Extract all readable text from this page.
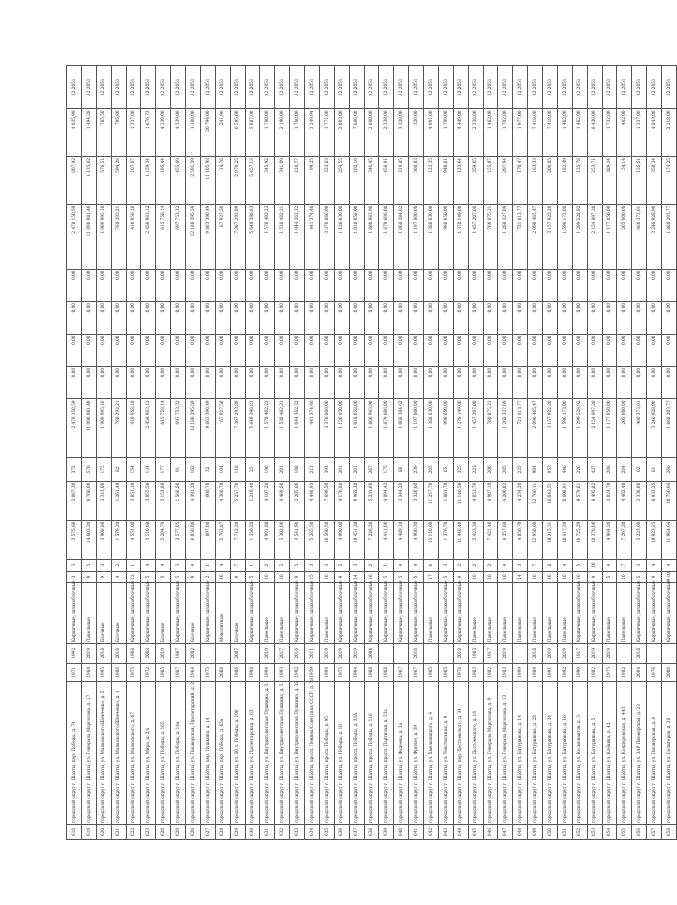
618	городской округ г. Шахты, пер. Победы, д. 74	1971	1992	Кирпичные, шлакоблочные	3	3	3 575,60	3 067,30	372	2 478 150,59	0,00	0,00	0,00	0,00	2 478 150,59	807,92	4 035,99	12.2051
619	городской округ г. Шахты, ул. Генерала Маргелова, д. 17	1984	2019	Панельные	9	5	14 603,20	9 766,00	578	11 090 981,40	0,00	0,00	0,00	0,00	11 090 981,40	1 135,62	1 494,28	12.2051
620	городской округ г. Шахты, ул. Маяковского/Шевченко, д. 5	1995	2018	Блочные	9	3	3 908,80	3 313,00	175	1 909 995,10	0,00	0,00	0,00	0,00	1 909 995,10	576,51	785,50	12.2051
621	городской округ г. Шахты, ул. Маяковского/Шевченко, д. 1	1986	2018	Блочные	4	2	1 579,20	1 261,40	82	768 292,21	0,00	0,00	0,00	0,00	768 292,21	594,28	795,80	12.2051
622	городской округ г. Шахты, ул. Маяковского, д. 67	1975	1988	Кирпичные, шлакоблочные	12	1	4 551,00	3 853,10	154	410 958,18	0,00	0,00	0,00	0,00	410 958,18	107,87	1 337,00	12.2051
623	городской округ г. Шахты, ул. Мира, д. 2/а	1972	2008	Кирпичные, шлакоблочные	5	4	3 510,00	3 055,50	134	2 458 983,12	0,00	0,00	0,00	0,00	2 458 983,12	1 159,34	1 676,73	12.2051
628	городской округ г. Шахты, ул. Победы, д. 165	1965	2019	Блочные	5	4	5 294,70	3 153,80	177	615 758,14	0,00	0,00	0,00	0,00	615 758,14	195,44	4 339,00	12.2051
629	городской округ г. Шахты, ул. Победы, д. 14а	1987	1987	Кирпичные, шлакоблочные	5	3	2 577,05	1 566,50	91	697 753,32	0,00	0,00	0,00	0,00	697 753,32	455,69	4 339,00	12.2051
626	городской округ г. Шахты, ул. Пионерская, Пролетарский, д. 2	1964	2002	Блочные	9	4	6 050,00	4 391,30	162	12 186 295,59	0,00	0,00	0,00	0,00	12 180 395,59	2 591,59	1 108,00	12.2051
627	городской округ г. Шахты, пер. Пушкина, д. 14	1975		Кирпичные, шлакоблочные	2	1	897,60	608,70	32	9 863 390,49	0,00	0,00	0,00	0,00	9 863 390,49	11 105,98	20 794,00	12.2051
628	городской округ г. Шахты, пер. Победы, д. 65а	2008		Монолитные	10	4	5 763,87	4 360,70	104	67 927,50	0,00	0,00	0,00	0,00	67 927,50	14,76	241,96	12.2051
629	городской округ г. Шахты, ул. 50 л. Победы, д. 196	1986	2007	Блочные	9	7	7 712,20	5 257,70	118	7 367 293,89	0,00	0,00	0,00	0,00	7 367 293,89	2 070,25	6 595,00	12.2051
630	городской округ г. Шахты, ул. Пролетарская, д. 63	1998		Кирпичные, шлакоблочные	5	1	1 350,28	1 219,40	25	5 649 396,83	0,00	0,00	0,00	0,00	5 649 396,83	5 457,13	5 887,00	12.2051
631	городской округ г. Шахты, ул. Внутрисоветская Пушкина, д. 5	1994	2019	Панельные	10	2	4 991,80	4 197,26	190	1 578 402,23	0,00	0,00	0,00	0,00	1 578 402,23	345,92	1 780,00	12.2051
632	городской округ г. Шахты, ул. Внутрисоветская Пушкина, д. 5	1993	2017	Панельные	10	5	5 302,00	4 469,50	201	1 538 482,21	0,00	0,00	0,00	0,00	1 538 482,21	341,09	2 190,00	12.2051
633	городской округ г. Шахты, ул. Внутрисоветская Пушкина, д. 12	1992	2016	Кирпичные, шлакоблочные	9	5	3 541,90	3 205,60	108	1 044 362,32	0,00	0,00	0,00	0,00	1 044 362,32	210,77	1 760,00	12.2051
634	городской округ г. Шахты, просп. Ленина/Советская СССР, д. 78	1959	2011	Кирпичные, шлакоблочные	15	3	5 265,50	4 446,93	213	441 374,46	0,00	0,00	0,00	0,00	441 374,46	99,25	3 249,94	12.2051
635	городской округ г. Шахты, просп. Победы, д. 95	1994	2019	Панельные	10	3	10 560,50	7 699,50	393	3 370 866,00	0,00	0,00	0,00	0,00	3 370 866,00	323,83	1 771,00	12.2051
636	городской округ г. Шахты, ул. Победы, д. 16	1975	2019	Кирпичные, шлакоблочные	9	5	4 990,00	4 170,86	201	1 126 630,00	0,00	0,00	0,00	0,00	1 126 630,00	254,55	2 003,00	12.2051
637	городской округ г. Шахты, просп. Победы, д. 33А	1994	2019	Кирпичные, шлакоблочные	14	3	10 451,30	9 965,30	201	1 018 058,00	0,00	0,00	0,00	0,00	1 018 058,00	102,16	7 886,00	12.2051
638	городской округ г. Шахты, просп. Победы, д. 116	1968	2004	Кирпичные, шлакоблочные	16	2	7 226,20	5 331,60	267	1 860 983,90	0,00	0,00	0,00	0,00	1 860 983,90	346,45	2 860,00	12.2051
639	городской округ г. Шахты, просп. Партизан, д. 23а	1968		Кирпичные, шлакоблочные	5	1	4 411,00	4 094,43	175	1 879 606,00	0,00	0,00	0,00	0,00	1 879 606,00	458,91	2 338,00	12.2051
640	городской округ г. Шахты, ул. Фадеева, д. 3а	1967		Кирпичные, шлакоблочные	5	4	4 489,10	3 344,20	86	1 068 384,62	0,00	0,00	0,00	0,00	1 068 384,62	319,85	3 338,00	12.2051
641	городской округ г. Шахты, ул. Фрунзе, д. 39	1967	2016	Кирпичные, шлакоблочные	5	4	4 900,30	3 320,00	239	1 197 800,00	0,00	0,00	0,00	0,00	1 197 800,00	360,83	320,00	12.2051
642	городской округ г. Шахты, ул. Хмельницкого, д. 4	1965		Панельные	17	6	15 110,60	11 257,70	205	1 388 630,00	0,00	0,00	0,00	0,00	1 388 630,00	123,35	4 001,00	12.2051
643	городской округ г. Шахты, ул. Текстильная, д. 9	1965		Кирпичные, шлакоблочные	5	3	1 376,70	1 061,70	65	998 650,00	0,00	0,00	0,00	0,00	998 650,00	940,61	1 799,00	12.2051
644	городской округ г. Шахты, пер. Достоевского, д. 34	1978	2018	Кирпичные, шлакоблочные	9	2	11 446,40	11 146,50	325	1 378 149,00	0,00	0,00	0,00	0,00	1 378 149,00	123,64	4 449,00	12.2051
645	городской округ г. Шахты, ул. Достоевского, д. 16	1983	1983	Панельные	10	2	5 423,30	4 051,70	223	1 457 207,00	0,00	0,00	0,00	0,00	1 457 207,00	359,65	2 338,00	12.2051
646	городской округ г. Шахты, ул. Генерала Маргелова, д. 9	1982	1917	Панельные	10	2	7 421,40	4 907,10	206	760 875,21	0,00	0,00	0,00	0,00	760 875,21	155,07	1 462,00	12.2051
647	городской округ г. Шахты, ул. Генерала Маргелова, д. 13	1983	2019	Панельные	10	4	6 357,60	4 200,02	205	1 268 327,09	0,00	0,00	0,00	0,00	1 268 327,09	297,94	1 702,00	12.2051
648	городской округ г. Шахты, ул. Батуринова, д. 14	1999		Панельные	14	3	4 850,70	4 234,20	225	721 813,77	0,00	0,00	0,00	0,00	721 813,77	170,47	1 977,00	12.2051
649	городской округ г. Шахты, ул. Батуринова, д. 28	1989	2018	Панельные	10	7	12 950,60	12 760,11	904	2 096 465,47	0,00	0,00	0,00	0,00	2 096 465,47	163,33	7 418,00	12.2051
650	городской округ г. Шахты, ул. Батуринова, д. 34	1991	2019	Панельные	10	8	18 315,31	16 043,51	953	3 157 922,20	0,00	0,00	0,00	0,00	3 157 922,20	200,05	7 418,00	12.2051
651	городской округ г. Шахты, ул. Батуринова, д. 16	1992	2019	Панельные	10	4	10 417,30	8 698,91	446	1 596 173,00	0,00	0,00	0,00	0,00	1 596 173,00	183,49	1 462,00	12.2051
652	городской округ г. Шахты, ул. Космонавтов, д. 3	1990	1917	Кирпичные, шлакоблочные	10	5	10 725,29	9 579,81	226	1 299 528,92	0,00	0,00	0,00	0,00	1 299 528,92	135,78	1 462,00	12.2051
653	городской округ г. Шахты, ул. Батуринова, д. 5	1982	2019	Кирпичные, шлакоблочные	9	10	10 378,00	8 495,82	427	2 154 897,20	0,00	0,00	0,00	0,00	2 154 897,20	253,71	8 430,00	12.2051
654	городской округ г. Шахты, ул. Клёвика, д. 42	1975	2019	Панельные	5	4	4 964,20	3 024,70	208	1 177 050,00	0,00	0,00	0,00	0,00	1 177 050,00	389,34	1 732,00	12.2051
655	городской округ г. Шахты, ул. Кондоровская, д. 44/1	1982		Панельные	10	7	7 267,20	4 462,40	284	205 000,00	0,00	0,00	0,00	0,00	205 000,00	54,14	462,00	12.2051
656	городской округ г. Шахты, ул. 3АР Пионерская, д. 23	2004	2018	Кирпичные, шлакоблочные	5	3	5 223,60	3 330,00	62	460 373,01	0,00	0,00	0,00	0,00	460 373,01	135,51	1 337,00	12.2051
657	городской округ г. Шахты, ул. Пионерская, д. 6	1976		Кирпичные, шлакоблочные	9	4	10 923,25	8 933,25	81	3 246 928,90	0,00	0,00	0,00	0,00	3 246 928,90	358,34	4 843,00	12.2051
658	городской округ г. Шахты, ул. Селигеров, д. 28	2006		Кирпичные, шлакоблочные	9-10	4	11 964,64	10 750,66	266	1 868 203,77	0,00	0,00	0,00	0,00	1 868 203,77	174,25	2 218,00	12.2051
